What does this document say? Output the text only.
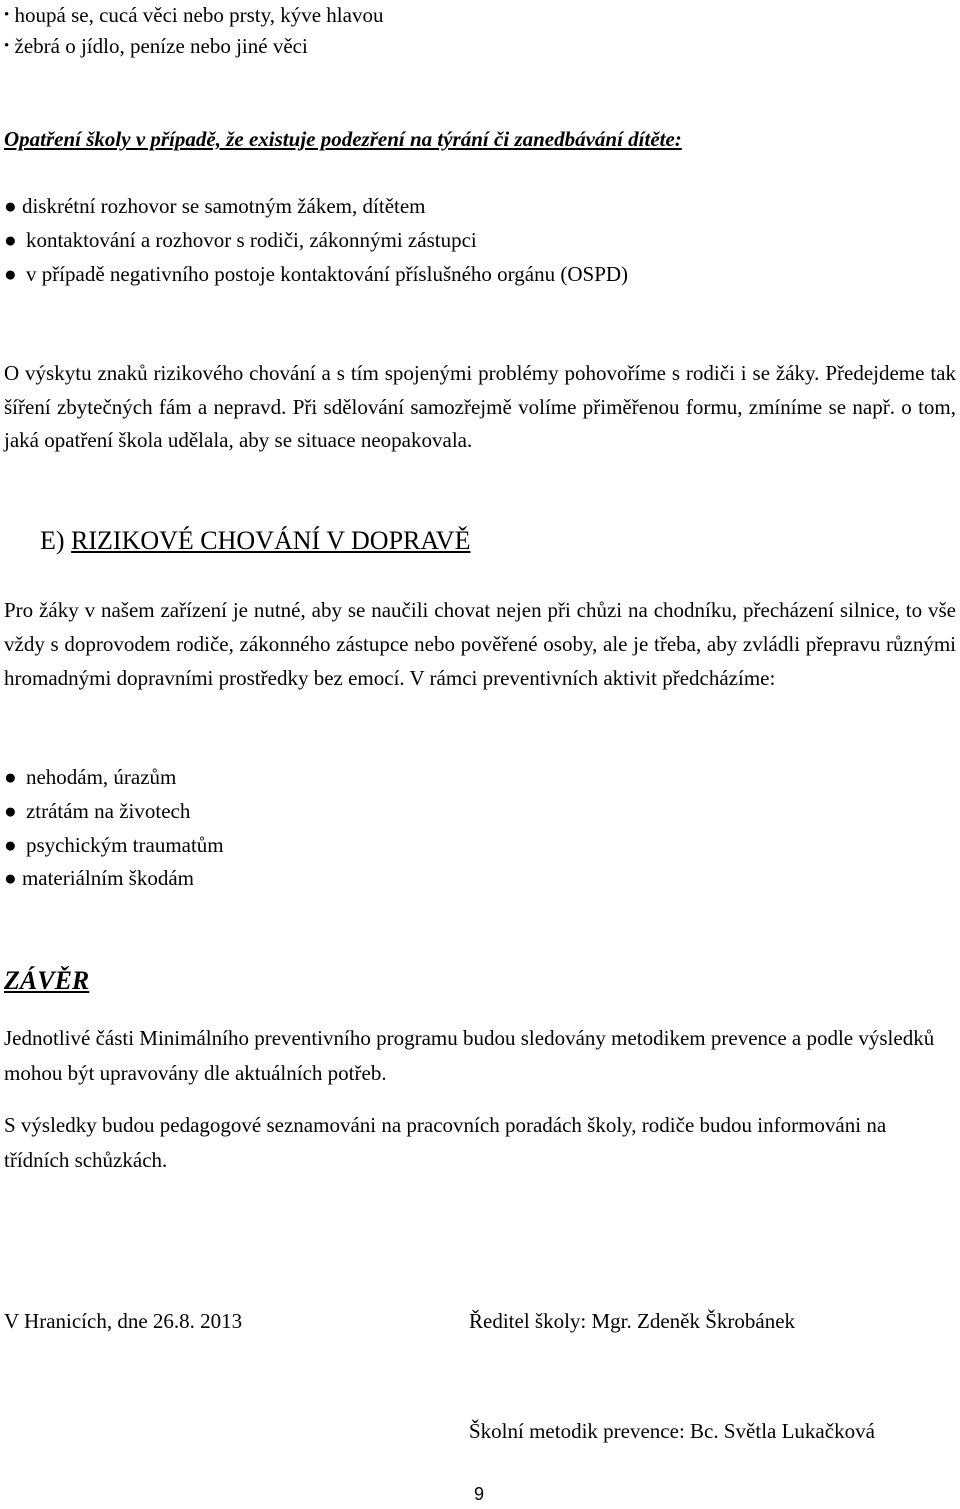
• houpá se, cucá věci nebo prsty, kýve hlavou
• žebrá o jídlo, peníze nebo jiné věci
Opatření školy v případě, že existuje podezření na týrání či zanedbávání dítěte:
● diskrétní rozhovor se samotným žákem, dítětem
● kontaktování a rozhovor s rodiči, zákonnými zástupci
● v případě negativního postoje kontaktování příslušného orgánu (OSPD)
O výskytu znaků rizikového chování a s tím spojenými problémy pohovoříme s rodiči i se žáky. Předejdeme tak šíření zbytečných fám a nepravd. Při sdělování samozřejmě volíme přiměřenou formu, zmíníme se např. o tom, jaká opatření škola udělala, aby se situace neopakovala.
E) RIZIKOVÉ CHOVÁNÍ V DOPRAVĚ
Pro žáky v našem zařízení je nutné, aby se naučili chovat nejen při chůzi na chodníku, přecházení silnice, to vše vždy s doprovodem rodiče, zákonného zástupce nebo pověřené osoby, ale je třeba, aby zvládli přepravu různými hromadnými dopravními prostředky bez emocí. V rámci preventivních aktivit předcházíme:
● nehodám, úrazům
● ztrátám na životech
● psychickým traumatům
● materiálním škodám
ZÁVĚR
Jednotlivé části Minimálního preventivního programu budou sledovány metodikem prevence a podle výsledků mohou být upravovány dle aktuálních potřeb.
S výsledky budou pedagogové seznamováni na pracovních poradách školy, rodiče budou informováni na třídních schůzkách.
V Hranicích, dne 26.8. 2013	Ředitel školy: Mgr. Zdeněk Škrobánek
Školní metodik prevence: Bc. Světla Lukačková
9
